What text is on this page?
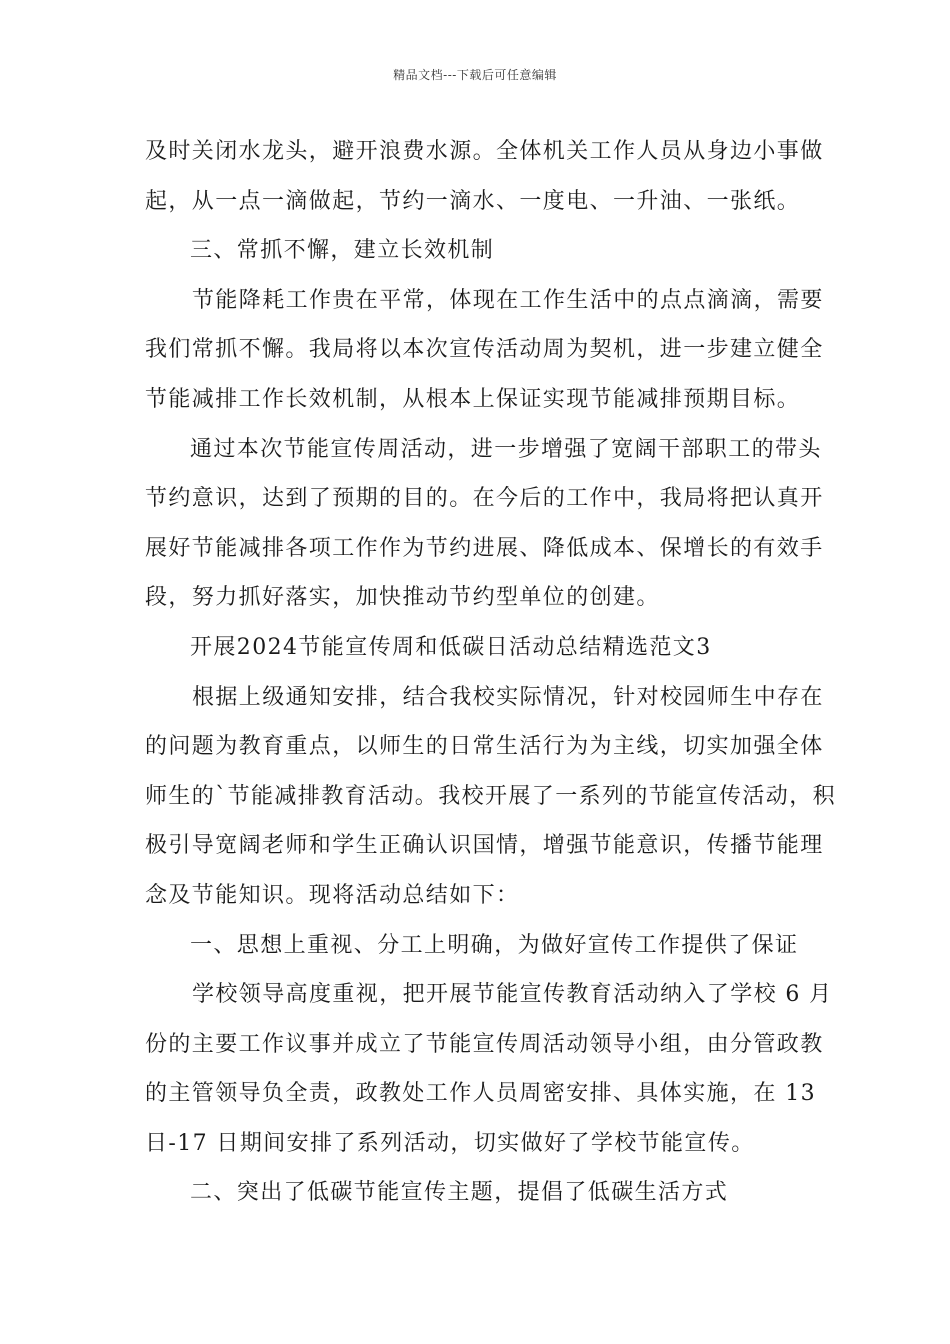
精品文档---下载后可任意编辑
及时关闭水龙头，避开浪费水源。全体机关工作人员从身边小事做
起，从一点一滴做起，节约一滴水、一度电、一升油、一张纸。
三、常抓不懈，建立长效机制
节能降耗工作贵在平常，体现在工作生活中的点点滴滴，需要
我们常抓不懈。我局将以本次宣传活动周为契机，进一步建立健全
节能减排工作长效机制，从根本上保证实现节能减排预期目标。
通过本次节能宣传周活动，进一步增强了宽阔干部职工的带头
节约意识，达到了预期的目的。在今后的工作中，我局将把认真开
展好节能减排各项工作作为节约进展、降低成本、保增长的有效手
段，努力抓好落实，加快推动节约型单位的创建。
开展2024节能宣传周和低碳日活动总结精选范文3
根据上级通知安排，结合我校实际情况，针对校园师生中存在
的问题为教育重点，以师生的日常生活行为为主线，切实加强全体
师生的`节能减排教育活动。我校开展了一系列的节能宣传活动，积
极引导宽阔老师和学生正确认识国情，增强节能意识，传播节能理
念及节能知识。现将活动总结如下：
一、思想上重视、分工上明确，为做好宣传工作提供了保证
学校领导高度重视，把开展节能宣传教育活动纳入了学校 6 月
份的主要工作议事并成立了节能宣传周活动领导小组，由分管政教
的主管领导负全责，政教处工作人员周密安排、具体实施，在 13
日-17 日期间安排了系列活动，切实做好了学校节能宣传。
二、突出了低碳节能宣传主题，提倡了低碳生活方式
